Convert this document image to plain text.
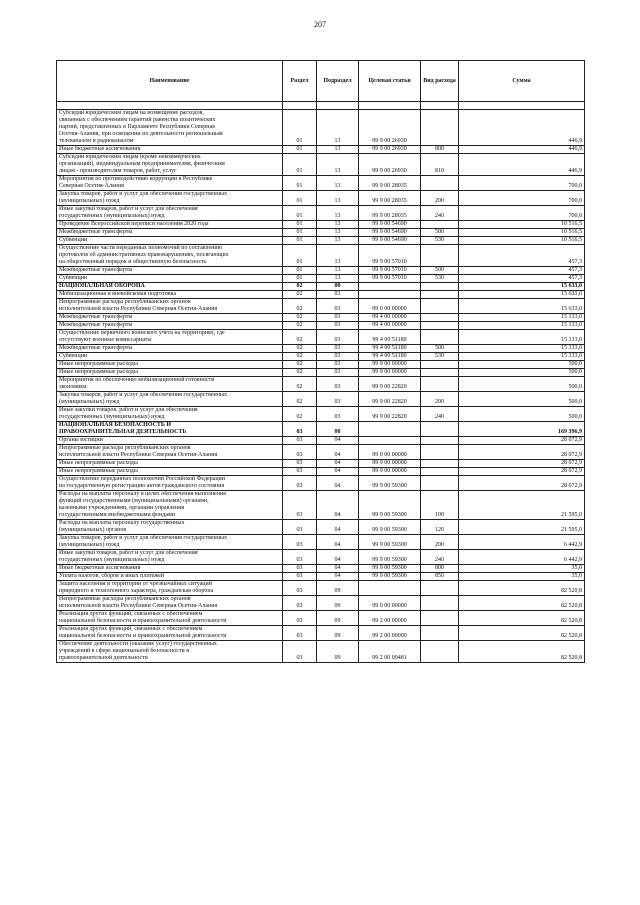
207
Наименование	Раздел	Подраздел	Целевая статья	Вид расхода	Сумма

Субсидии юридическим лицам на возмещение расходов,
связанных с обеспечением гарантий равенства политических
партий, представленных в Парламенте Республики Северная
Осетия-Алания, при освещении их деятельности региональным
телеканалом и радиоканалом	01	13	99 9 00 26930		446,9
Иные бюджетные ассигнования	01	13	99 9 00 26930	800	446,9
Субсидии юридическим лицам (кроме некоммерческих
организаций), индивидуальным предпринимателям, физическим
лицам - производителям товаров, работ, услуг	01	13	99 9 00 26930	810	446,9
Мероприятия по противодействию коррупции в Республике
Северная Осетия-Алания	01	13	99 9 00 28035		700,0
Закупка товаров, работ и услуг для обеспечения государственных
(муниципальных) нужд	01	13	99 9 00 28035	200	700,0
Иные закупки товаров, работ и услуг для обеспечения
государственных (муниципальных) нужд	01	13	99 9 00 28035	240	700,0
Проведение Всероссийской переписи населения 2020 года	01	13	99 9 00 54690		10 516,5
Межбюджетные трансферты	01	13	99 9 00 54690	500	10 516,5
Субвенции	01	13	99 9 00 54690	530	10 516,5
Осуществление части переданных полномочий по составлению
протоколов об административных правонарушениях, посягающих
на общественный порядок и общественную безопасность	01	13	99 9 00 57010		457,3
Межбюджетные трансферты	01	13	99 9 00 57010	500	457,3
Субвенции	01	13	99 9 00 57010	530	457,3
НАЦИОНАЛЬНАЯ ОБОРОНА	02	00			15 633,0
Мобилизационная и вневойсковая подготовка	02	03			15 633,0
Непрограммные расходы республиканских органов
исполнительной власти Республики Северная Осетия-Алания	02	03	99 0 00 00000		15 633,0
Межбюджетные трансферты	02	03	99 4 00 00000		15 133,0
Межбюджетные трансферты	02	03	99 4 00 00000		15 133,0
Осуществление первичного воинского учета на территориях, где
отсутствуют военные комиссариаты	02	03	99 4 00 51180		15 133,0
Межбюджетные трансферты	02	03	99 4 00 51180	500	15 133,0
Субвенции	02	03	99 4 00 51180	530	15 133,0
Иные непрограммные расходы	02	03	99 9 00 00000		500,0
Иные непрограммные расходы	02	03	99 9 00 00000		500,0
Мероприятия по обеспечению мобилизационной готовности
экономики	02	03	99 9 00 22820		500,0
Закупка товаров, работ и услуг для обеспечения государственных
(муниципальных) нужд	02	03	99 9 00 22820	200	500,0
Иные закупки товаров, работ и услуг для обеспечения
государственных (муниципальных) нужд	02	03	99 9 00 22820	240	500,0
НАЦИОНАЛЬНАЯ БЕЗОПАСНОСТЬ И
ПРАВООХРАНИТЕЛЬНАЯ ДЕЯТЕЛЬНОСТЬ	03	00			169 396,9
Органы юстиции	03	04			28 072,9
Непрограммные расходы республиканских органов
исполнительной власти Республики Северная Осетия-Алания	03	04	99 0 00 00000		28 072,9
Иные непрограммные расходы	03	04	99 9 00 00000		28 072,9
Иные непрограммные расходы	03	04	99 9 00 00000		28 072,9
Осуществление переданных полномочий Российской Федерации
на государственную регистрацию актов гражданского состояния	03	04	99 9 00 59300		28 072,9
Расходы на выплаты персоналу в целях обеспечения выполнения
функций государственными (муниципальными) органами,
казенными учреждениями, органами управления
государственными внебюджетными фондами	03	04	99 9 00 59300	100	21 595,0
Расходы на выплаты персоналу государственных
(муниципальных) органов	03	04	99 9 00 59300	120	21 595,0
Закупка товаров, работ и услуг для обеспечения государственных
(муниципальных) нужд	03	04	99 9 00 59300	200	6 442,9
Иные закупки товаров, работ и услуг для обеспечения
государственных (муниципальных) нужд	03	04	99 9 00 59300	240	6 442,9
Иные бюджетные ассигнования	03	04	99 9 00 59300	800	35,0
Уплата налогов, сборов и иных платежей	03	04	99 9 00 59300	850	35,0
Защита населения и территории от чрезвычайных ситуаций
природного и техногенного характера, гражданская оборона	03	09			82 520,8
Непрограммные расходы республиканских органов
исполнительной власти Республики Северная Осетия-Алания	03	09	99 0 00 00000		82 520,8
Реализация других функций, связанных с обеспечением
национальной безопасности и правоохранительной деятельности	03	09	99 2 00 00000		82 520,8
Реализация других функций, связанных с обеспечением
национальной безопасности и правоохранительной деятельности	03	09	99 2 00 00000		82 520,8
Обеспечение деятельности (оказание услуг) государственных
учреждений в сфере национальной безопасности и
правоохранительной деятельности	03	09	99 2 00 00481		82 520,8
